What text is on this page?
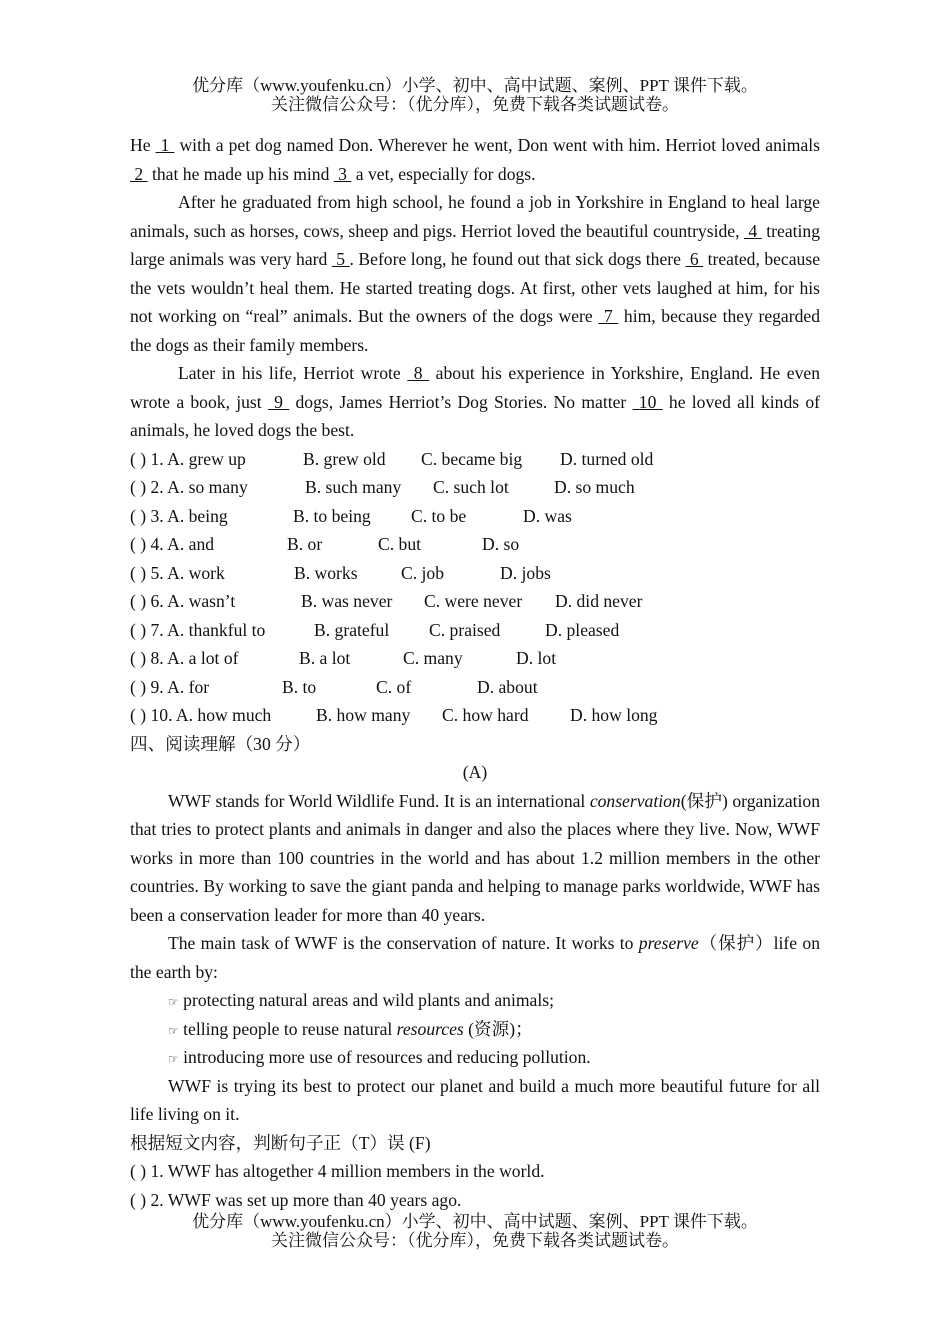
优分库（www.youfenku.cn）小学、初中、高中试题、案例、PPT 课件下载。
关注微信公众号：（优分库），免费下载各类试题试卷。

He  1  with a pet dog named Don. Wherever he went, Don went with him. Herriot loved animals  2  that he made up his mind  3  a vet, especially for dogs.

After he graduated from high school, he found a job in Yorkshire in England to heal large animals, such as horses, cows, sheep and pigs. Herriot loved the beautiful countryside,  4  treating large animals was very hard  5 . Before long, he found out that sick dogs there  6  treated, because the vets wouldn’t heal them. He started treating dogs. At first, other vets laughed at him, for his not working on “real” animals. But the owners of the dogs were  7  him, because they regarded the dogs as their family members.

Later in his life, Herriot wrote  8  about his experience in Yorkshire, England. He even wrote a book, just  9  dogs, James Herriot’s Dog Stories. No matter  10  he loved all kinds of animals, he loved dogs the best.

( ) 1. A. grew up	B. grew old C. became big D. turned old
( ) 2. A. so many	B. such many C. such lot	D. so much
( ) 3. A. being	B. to being C. to be	D. was
( ) 4. A. and	B. or	C. but	D. so
( ) 5. A. work	B. works C. job	D. jobs
( ) 6. A. wasn’t	B. was never C. were never D. did never
( ) 7. A. thankful to	B. grateful C. praised	D. pleased
( ) 8. A. a lot of	B. a lot	C. many	D. lot
( ) 9. A. for	B. to	C. of	D. about
( ) 10. A. how much	B. how many C. how hard D. how long
四、阅读理解（30 分）
(A)

WWF stands for World Wildlife Fund. It is an international conservation(保护) organization that tries to protect plants and animals in danger and also the places where they live. Now, WWF works in more than 100 countries in the world and has about 1.2 million members in the other countries. By working to save the giant panda and helping to manage parks worldwide, WWF has been a conservation leader for more than 40 years.

The main task of WWF is the conservation of nature. It works to preserve（保护）life on the earth by:

☞ protecting natural areas and wild plants and animals;
☞ telling people to reuse natural resources (资源)；
☞ introducing more use of resources and reducing pollution.

WWF is trying its best to protect our planet and build a much more beautiful future for all life living on it.

根据短文内容，判断句子正（T）误 (F)
( ) 1. WWF has altogether 4 million members in the world.
( ) 2. WWF was set up more than 40 years ago.
优分库（www.youfenku.cn）小学、初中、高中试题、案例、PPT 课件下载。
关注微信公众号：（优分库），免费下载各类试题试卷。
